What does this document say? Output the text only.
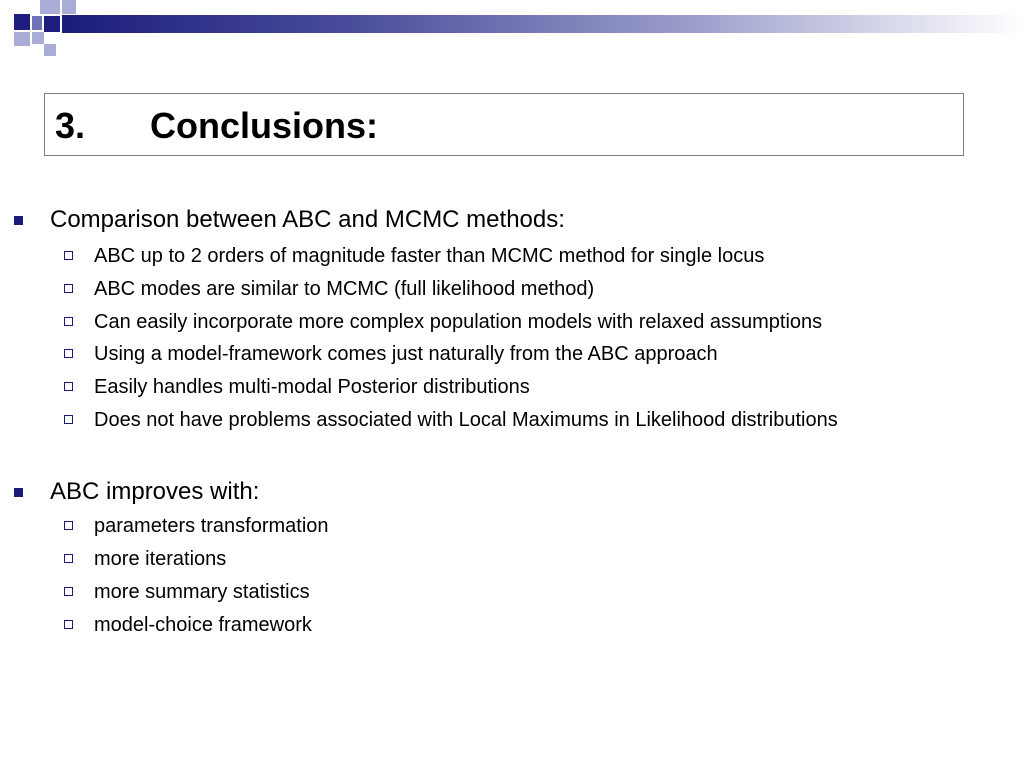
3. Conclusions:
Comparison between ABC and MCMC methods:
ABC up to 2 orders of magnitude faster than MCMC method for single locus
ABC modes are similar to MCMC (full likelihood method)
Can easily incorporate more complex population models with relaxed assumptions
Using a model-framework comes just naturally from the ABC approach
Easily handles multi-modal Posterior distributions
Does not have problems associated with Local Maximums in Likelihood distributions
ABC improves with:
parameters transformation
more iterations
more summary statistics
model-choice framework
